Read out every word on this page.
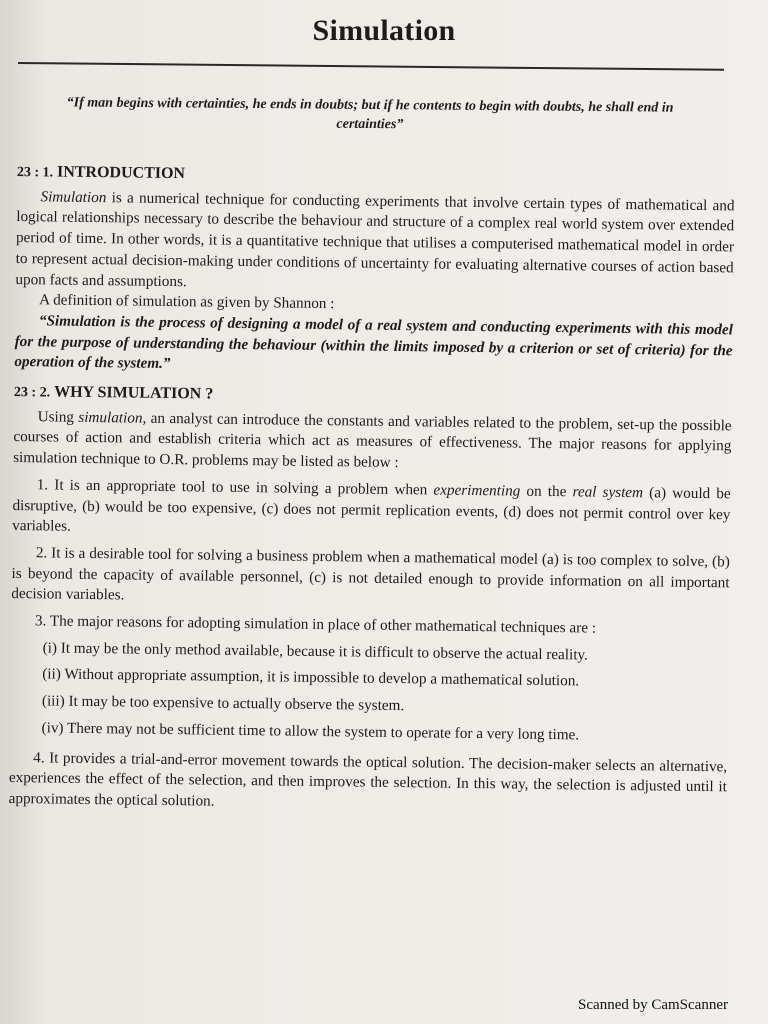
Simulation
“If man begins with certainties, he ends in doubts; but if he contents to begin with doubts, he shall end in certainties”

23 : 1. INTRODUCTION

Simulation is a numerical technique for conducting experiments that involve certain types of mathematical and logical relationships necessary to describe the behaviour and structure of a complex real world system over extended period of time. In other words, it is a quantitative technique that utilises a computerised mathematical model in order to represent actual decision-making under conditions of uncertainty for evaluating alternative courses of action based upon facts and assumptions.

A definition of simulation as given by Shannon :

“Simulation is the process of designing a model of a real system and conducting experiments with this model for the purpose of understanding the behaviour (within the limits imposed by a criterion or set of criteria) for the operation of the system.”

23 : 2. WHY SIMULATION ?

Using simulation, an analyst can introduce the constants and variables related to the problem, set-up the possible courses of action and establish criteria which act as measures of effectiveness. The major reasons for applying simulation technique to O.R. problems may be listed as below :

1. It is an appropriate tool to use in solving a problem when experimenting on the real system (a) would be disruptive, (b) would be too expensive, (c) does not permit replication events, (d) does not permit control over key variables.

2. It is a desirable tool for solving a business problem when a mathematical model (a) is too complex to solve, (b) is beyond the capacity of available personnel, (c) is not detailed enough to provide information on all important decision variables.

3. The major reasons for adopting simulation in place of other mathematical techniques are :

(i) It may be the only method available, because it is difficult to observe the actual reality.

(ii) Without appropriate assumption, it is impossible to develop a mathematical solution.

(iii) It may be too expensive to actually observe the system.

(iv) There may not be sufficient time to allow the system to operate for a very long time.

4. It provides a trial-and-error movement towards the optical solution. The decision-maker selects an alternative, experiences the effect of the selection, and then improves the selection. In this way, the selection is adjusted until it approximates the optical solution.

Scanned by CamScanner
